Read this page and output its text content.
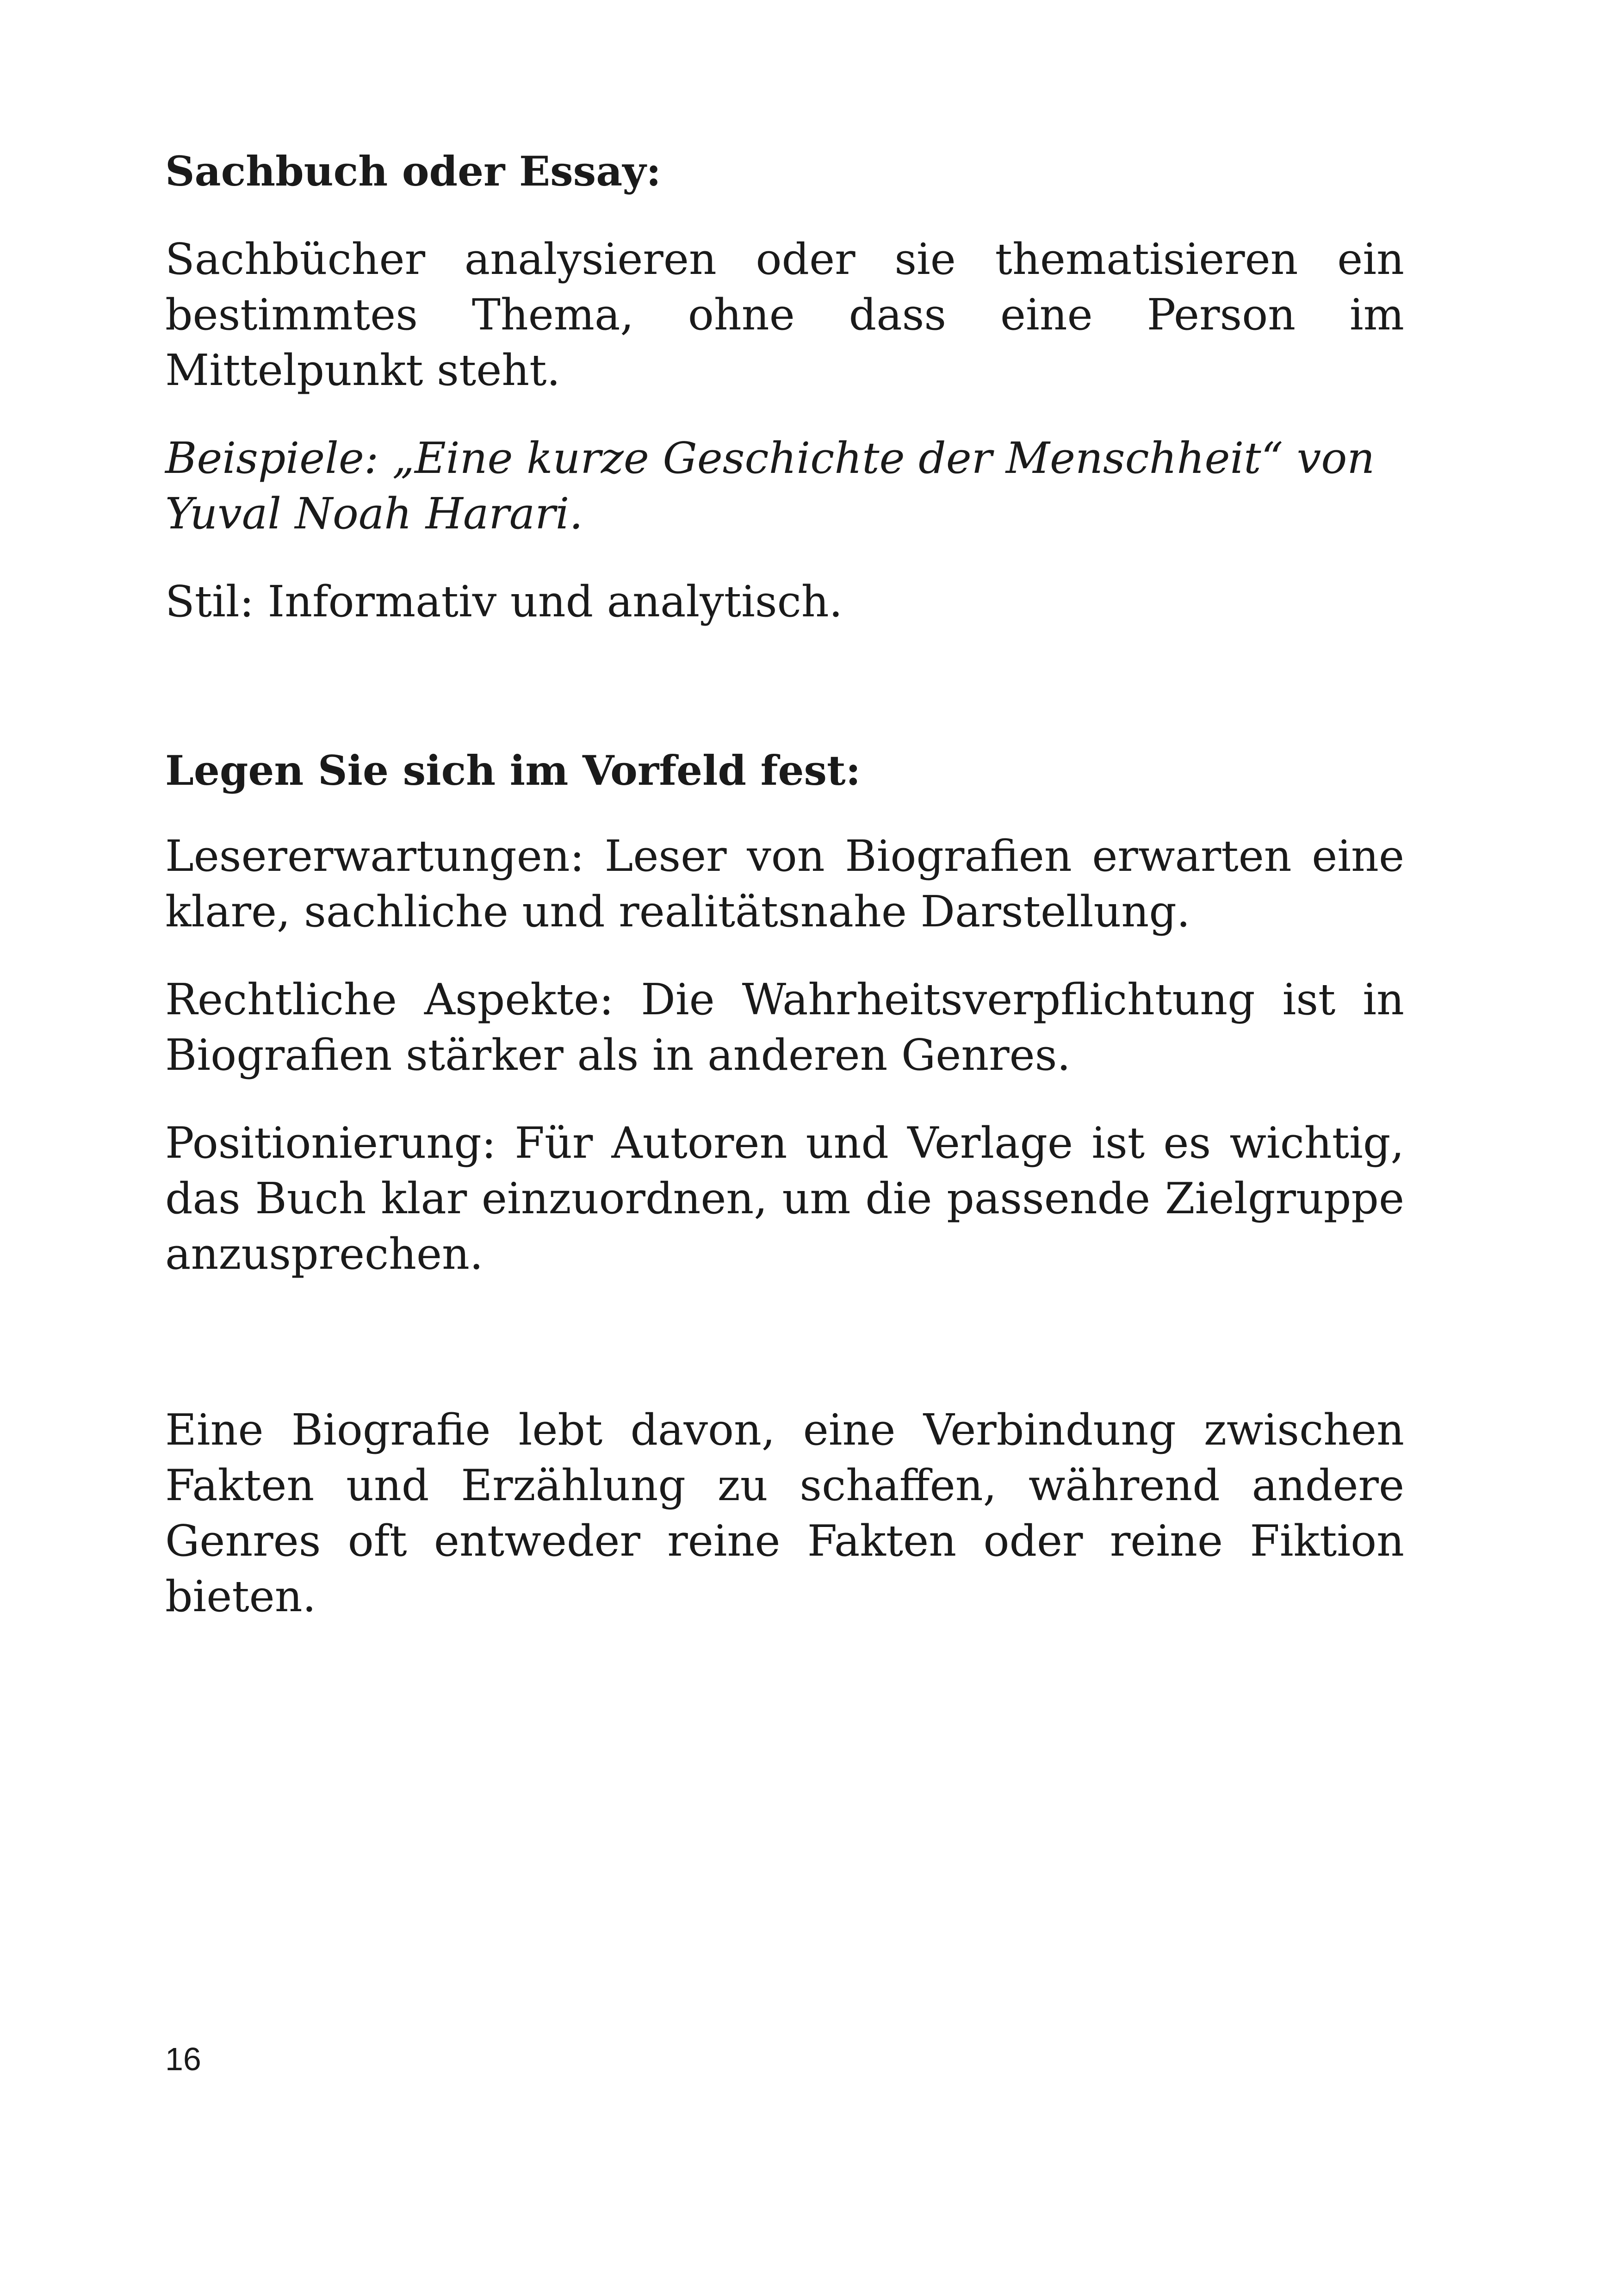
Sachbuch oder Essay:

Sachbücher analysieren oder sie thematisieren ein bestimmtes Thema, ohne dass eine Person im Mittelpunkt steht.

Beispiele: „Eine kurze Geschichte der Menschheit“ von Yuval Noah Harari.

Stil: Informativ und analytisch.

Legen Sie sich im Vorfeld fest:

Lesererwartungen: Leser von Biografien erwarten eine klare, sachliche und realitätsnahe Darstellung.

Rechtliche Aspekte: Die Wahrheitsverpflichtung ist in Biografien stärker als in anderen Genres.

Positionierung: Für Autoren und Verlage ist es wichtig, das Buch klar einzuordnen, um die passende Zielgruppe anzusprechen.

Eine Biografie lebt davon, eine Verbindung zwischen Fakten und Erzählung zu schaffen, während andere Genres oft entweder reine Fakten oder reine Fiktion bieten.

16
